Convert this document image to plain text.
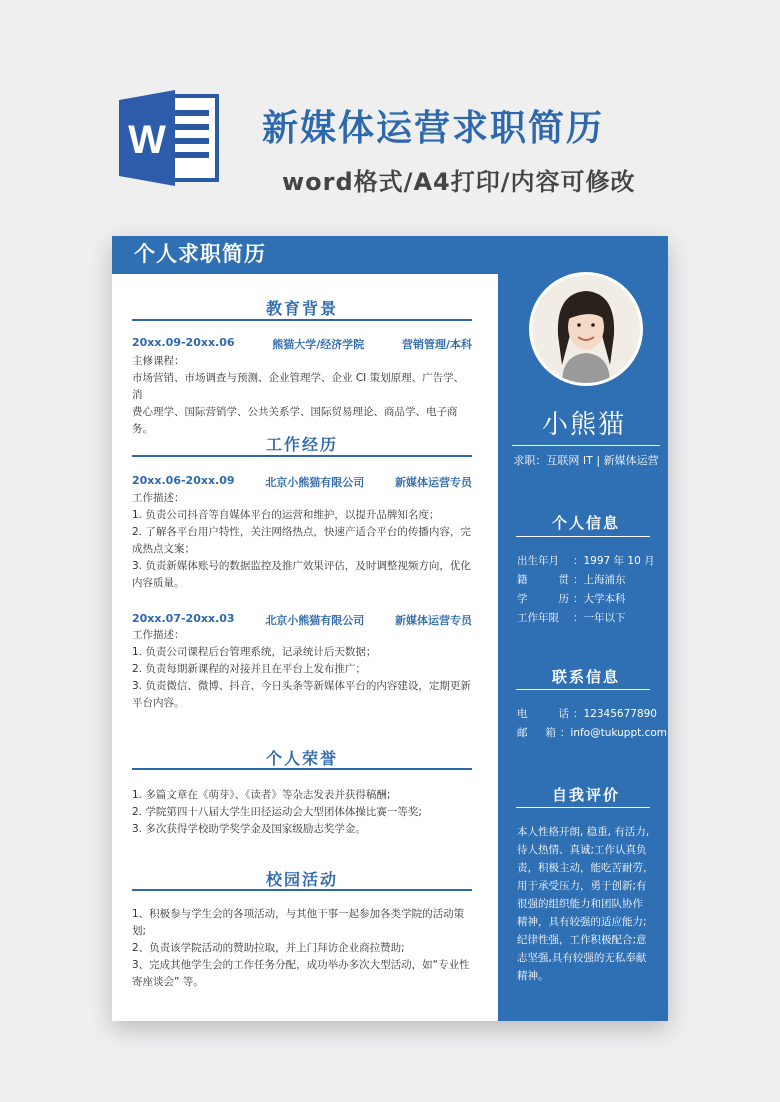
W	新媒体运营求职简历
word格式/A4打印/内容可修改
个人求职简历
教育背景
20xx.09-20xx.06	熊猫大学/经济学院	营销管理/本科
主修课程：
市场营销、市场调查与预测、企业管理学、企业 CI 策划原理、广告学、消
费心理学、国际营销学、公共关系学、国际贸易理论、商品学、电子商务。
工作经历
20xx.06-20xx.09	北京小熊猫有限公司	新媒体运营专员
工作描述：
1. 负责公司抖音等自媒体平台的运营和维护，以提升品牌知名度；
2. 了解各平台用户特性，关注网络热点，快速产适合平台的传播内容，完
成热点文案；
3. 负责新媒体账号的数据监控及推广效果评估，及时调整视频方向，优化
内容质量。
20xx.07-20xx.03	北京小熊猫有限公司	新媒体运营专员
工作描述：
1. 负责公司课程后台管理系统，记录统计后天数据；
2. 负责每期新课程的对接并且在平台上发布推广；
3. 负责微信、微博、抖音、今日头条等新媒体平台的内容建设，定期更新
平台内容。
个人荣誉
1. 多篇文章在《萌芽》、《读者》等杂志发表并获得稿酬;
2. 学院第四十八届大学生田径运动会大型团体体操比赛一等奖;
3. 多次获得学校助学奖学金及国家级励志奖学金。
校园活动
1、积极参与学生会的各项活动，与其他干事一起参加各类学院的活动策划;
2、负责该学院活动的赞助拉取，并上门拜访企业商拉赞助;
3、完成其他学生会的工作任务分配，成功举办多次大型活动，如“专业性
寄座谈会” 等。
小熊猫
求职：互联网 IT | 新媒体运营
个人信息
出生年月 ： 1997 年 10 月
籍	贯 ： 上海浦东
学	历 ： 大学本科
工作年限 ： 一年以下
联系信息
电	话 ： 12345677890
邮 箱 ： info@tukuppt.com
自我评价
本人性格开朗, 稳重, 有活力,
待人热情、真诚;工作认真负
责，积极主动，能吃苦耐劳，
用于承受压力，勇于创新;有
很强的组织能力和团队协作
精神，具有较强的适应能力;
纪律性强，工作积极配合;意
志坚强,具有较强的无私奉献
精神。
